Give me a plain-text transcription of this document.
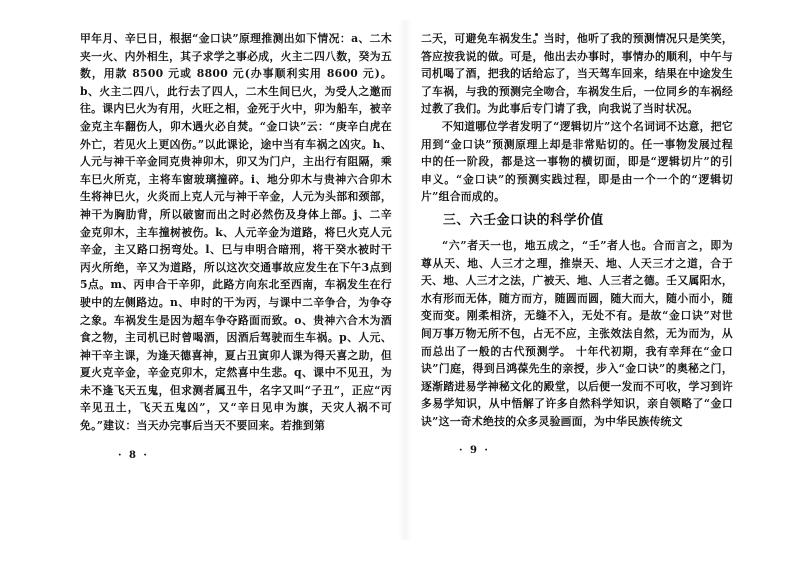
甲年月、辛巳日，根据“金口诀”原理推测出如下情况：a、二木夹一火、内外相生，其子求学之事必成，火主二四八数，癸为五数，用款 8500 元或 8800 元(办事顺利实用 8600 元)。b、火主二四八，此行去了四人，二木生间巳火，为受人之邀而往。课内巳火为有用，火旺之相，金死于火中，卯为船车，被辛金克主车翻伤人，卯木遇火必自焚。“金口诀”云：“庚辛白虎在外亡，若见火上更凶伤。”以此课论，途中当有车祸之凶灾。h、人元与神干辛金同克贵神卯木，卯又为门户，主出行有阻隔，乘车巳火所克，主将车窗玻璃撞碎。i、地分卯木与贵神六合卯木生将神巳火，火炎而上克人元与神干辛金，人元为头部和颈部，神干为胸肋背，所以破窗而出之时必然伤及身体上部。j、二辛金克卯木，主车撞树被伤。k、人元辛金为道路，将巳火克人元辛金，主又路口拐弯处。l、巳与申明合暗刑，将干癸水被时干丙火所绝，辛又为道路，所以这次交通事故应发生在下午3点到5点。m、丙申合干辛卯，此路方向东北至西南，车祸发生在行驶中的左侧路边。n、申时的干为丙，与课中二辛争合，为争夺之象。车祸发生是因为超车争夺路面而致。o、贵神六合木为酒食之物，主司机已时曾喝酒，因酒后驾驶而生车祸。p、人元、神干辛主课，为逢天德喜神，夏占丑寅卯人课为得天喜之助，但夏火克辛金，辛金克卯木，定然喜中生悲。q、课中不见丑，为未不逢飞天五鬼，但求测者属丑牛，名字又叫“子丑”，正应“丙辛见丑土，飞天五鬼凶”，又“辛日见申为旗，天灾人祸不可免。”建议：当天办完事后当天不要回来。若推到第

· 8 ·

二天，可避免车祸发生。当时，他听了我的预测情况只是笑笑，答应按我说的做。可是，他出去办事时，事情办的顺利，中午与司机喝了酒，把我的话给忘了，当天驾车回来，结果在中途发生了车祸，与我的预测完全吻合，车祸发生后，一位同乡的车祸经过教了我们。为此事后专门请了我，向我说了当时状况。

不知道哪位学者发明了“逻辑切片”这个名词词不达意，把它用到“金口诀”预测原理上却是非常贴切的。任一事物发展过程中的任一阶段，都是这一事物的横切面，即是“逻辑切片”的引申义。“金口诀”的预测实践过程，即是由一个一个的“逻辑切片”组合而成的。

三、六壬金口诀的科学价值

“六”者天一也，地五成之，“壬”者人也。合而言之，即为尊从天、地、人三才之理，推崇天、地、人天三才之道，合于天、地、人三才之法，广被天、地、人三者之德。壬又属阳水，水有形而无体，随方而方，随圆而圆，随大而大，随小而小，随变而变。刚柔相济，无缝不入，无处不有。是故“金口诀”对世间万事万物无所不包，占无不应，主张效法自然，无为而为，从而总出了一般的古代预测学。 十年代初期，我有幸拜在“金口诀”门庭，得到吕鸿葆先生的亲授，步入“金口诀”的奥秘之门，逐渐踏进易学神秘文化的殿堂，以后便一发而不可收，学习到许多易学知识，从中悟解了许多自然科学知识，亲自领略了“金口诀”这一奇术绝技的众多灵验画面，为中华民族传统文

· 9 ·
